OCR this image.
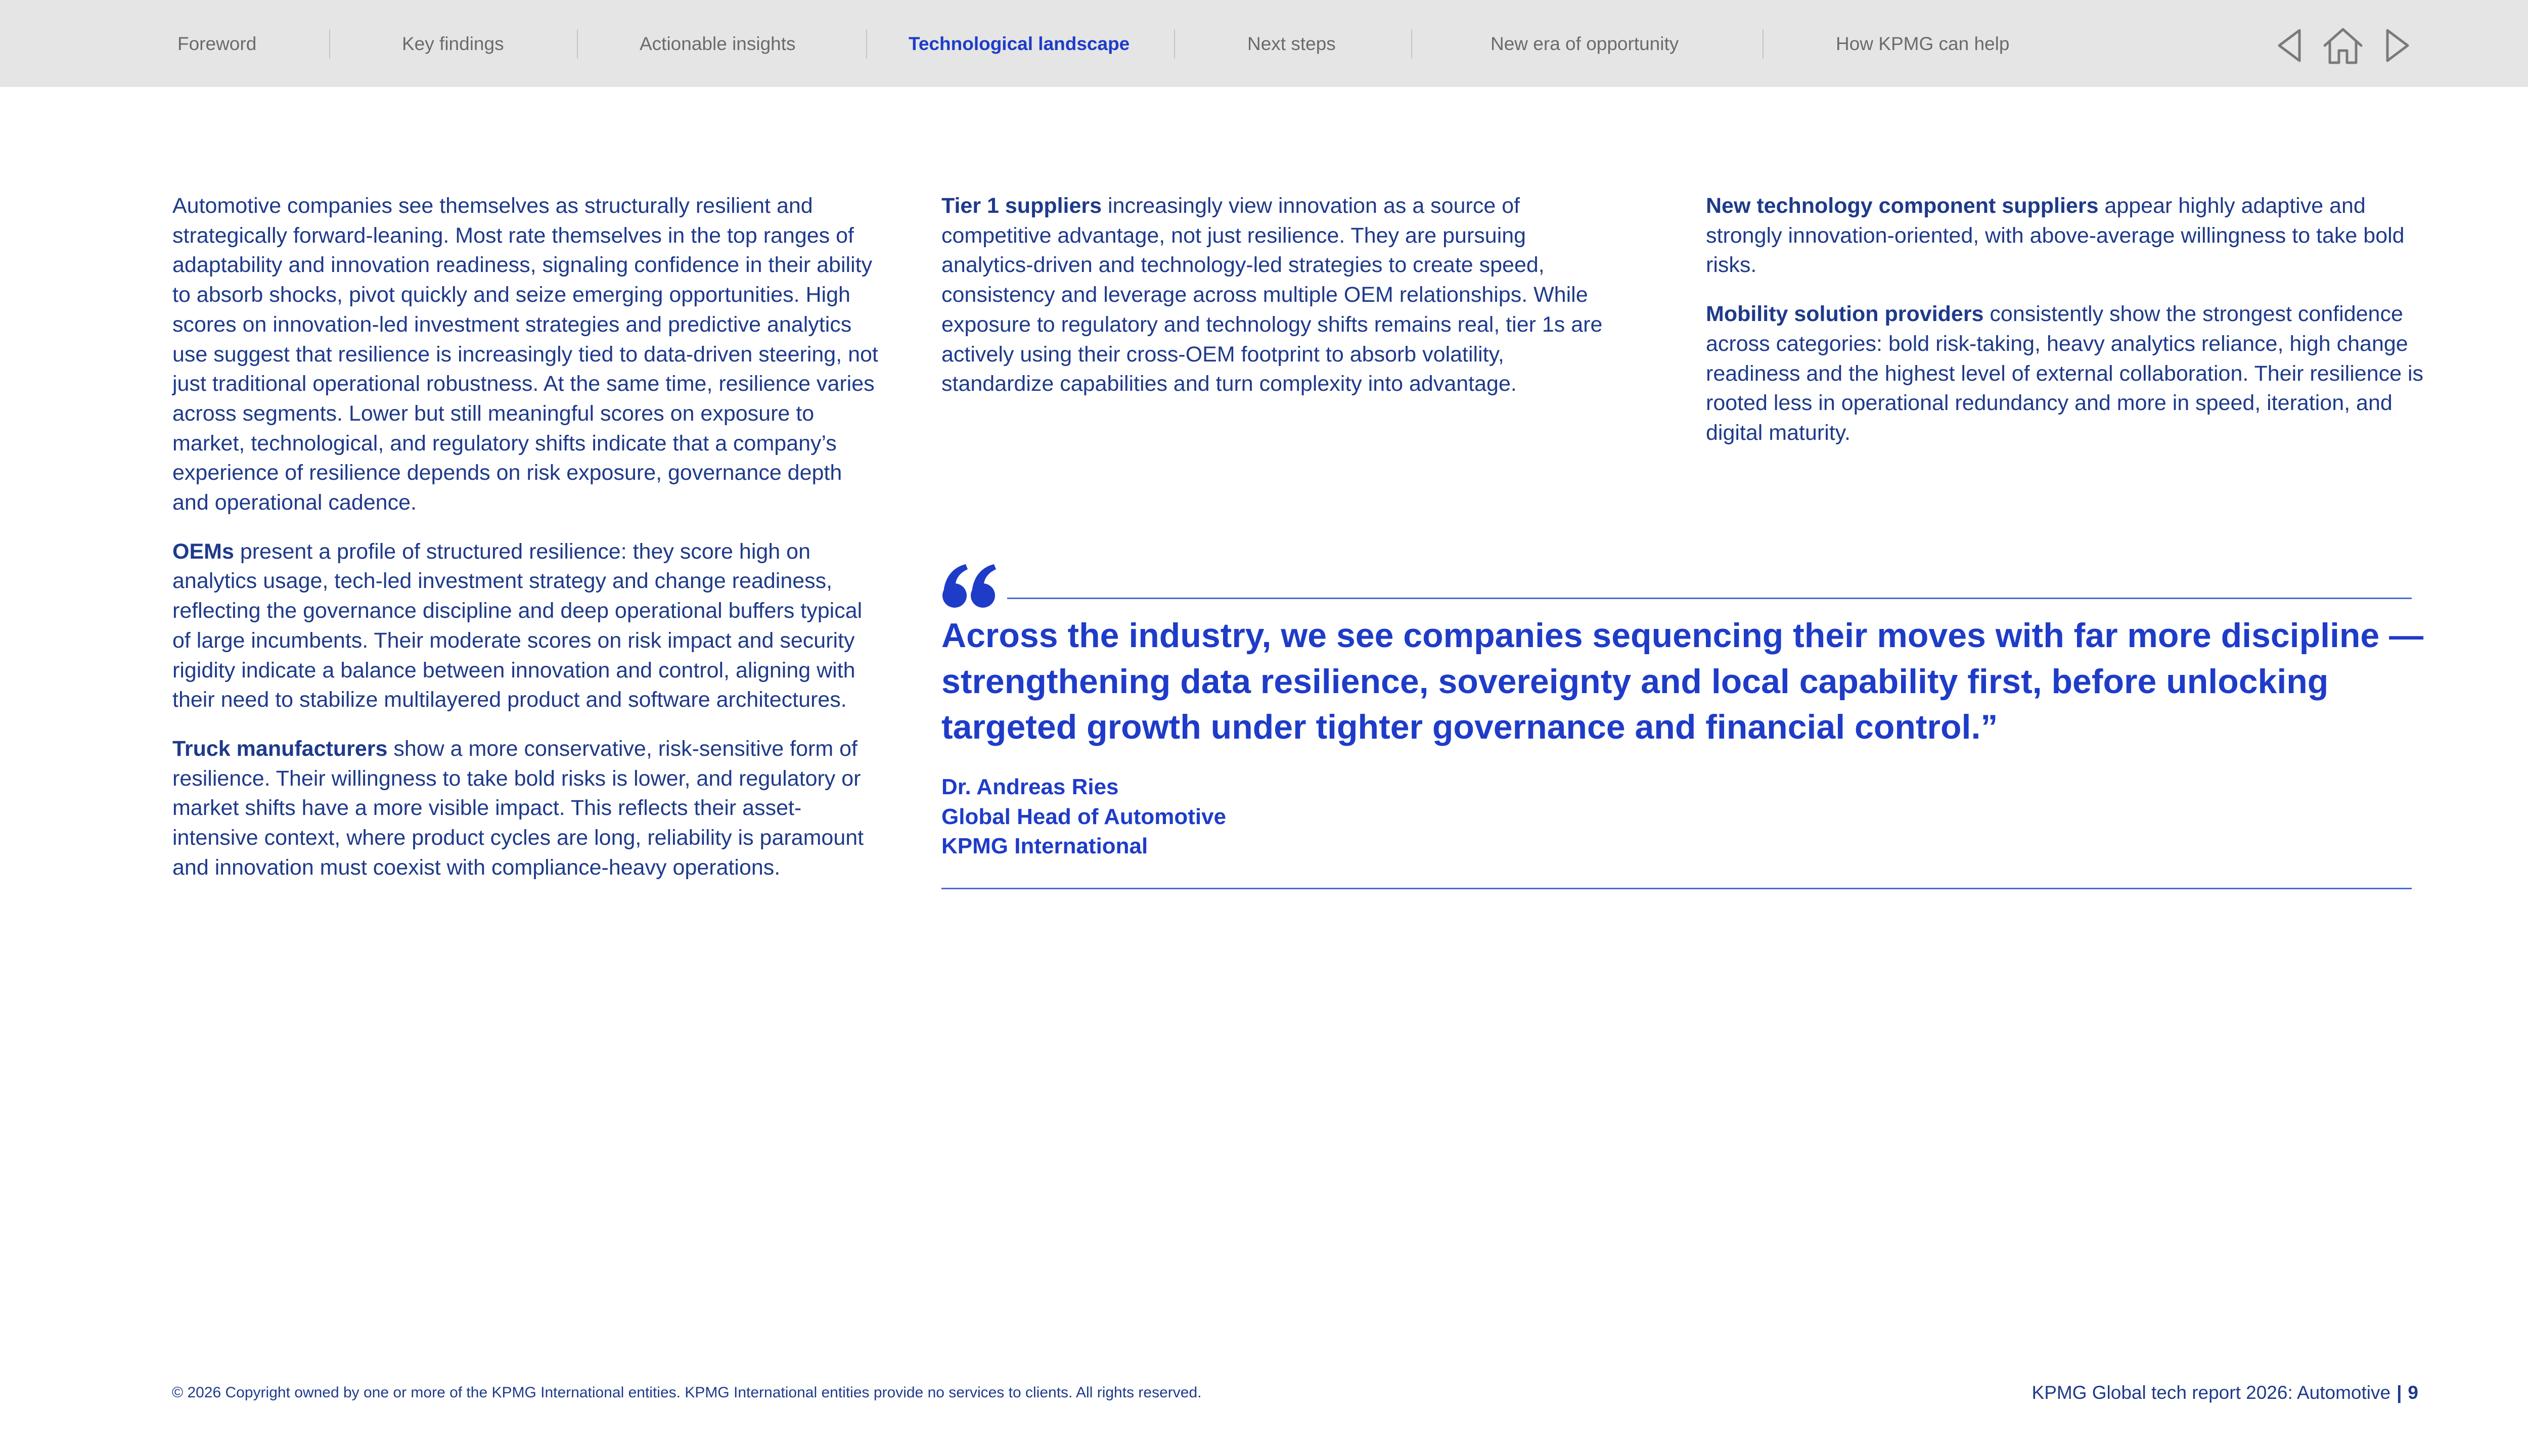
Foreword	Key findings	Actionable insights	Technological landscape	Next steps	New era of opportunity	How KPMG can help

Automotive companies see themselves as structurally resilient and strategically forward-leaning. Most rate themselves in the top ranges of adaptability and innovation readiness, signaling confidence in their ability to absorb shocks, pivot quickly and seize emerging opportunities. High scores on innovation-led investment strategies and predictive analytics use suggest that resilience is increasingly tied to data-driven steering, not just traditional operational robustness. At the same time, resilience varies across segments. Lower but still meaningful scores on exposure to market, technological, and regulatory shifts indicate that a company’s experience of resilience depends on risk exposure, governance depth and operational cadence.

OEMs present a profile of structured resilience: they score high on analytics usage, tech-led investment strategy and change readiness, reflecting the governance discipline and deep operational buffers typical of large incumbents. Their moderate scores on risk impact and security rigidity indicate a balance between innovation and control, aligning with their need to stabilize multilayered product and software architectures.

Truck manufacturers show a more conservative, risk-sensitive form of resilience. Their willingness to take bold risks is lower, and regulatory or market shifts have a more visible impact. This reflects their asset-intensive context, where product cycles are long, reliability is paramount and innovation must coexist with compliance-heavy operations.

Tier 1 suppliers increasingly view innovation as a source of competitive advantage, not just resilience. They are pursuing analytics-driven and technology-led strategies to create speed, consistency and leverage across multiple OEM relationships. While exposure to regulatory and technology shifts remains real, tier 1s are actively using their cross-OEM footprint to absorb volatility, standardize capabilities and turn complexity into advantage.

New technology component suppliers appear highly adaptive and strongly innovation-oriented, with above-average willingness to take bold risks.

Mobility solution providers consistently show the strongest confidence across categories: bold risk-taking, heavy analytics reliance, high change readiness and the highest level of external collaboration. Their resilience is rooted less in operational redundancy and more in speed, iteration, and digital maturity.

Across the industry, we see companies sequencing their moves with far more discipline — strengthening data resilience, sovereignty and local capability first, before unlocking targeted growth under tighter governance and financial control.”
Dr. Andreas Ries
Global Head of Automotive
KPMG International
© 2026 Copyright owned by one or more of the KPMG International entities. KPMG International entities provide no services to clients. All rights reserved.	KPMG Global tech report 2026: Automotive | 9
